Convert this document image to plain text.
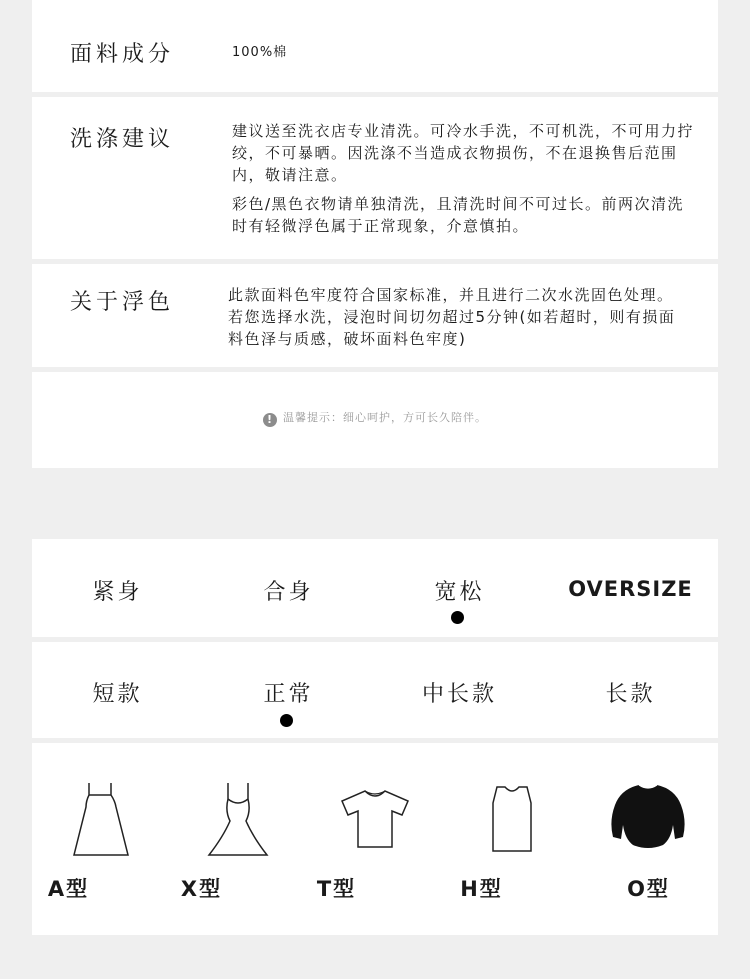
面料成分	100%棉
洗涤建议	建议送至洗衣店专业清洗。可冷水手洗，不可机洗，不可用力拧绞，不可暴晒。因洗涤不当造成衣物损伤，不在退换售后范围内，敬请注意。

彩色/黑色衣物请单独清洗，且清洗时间不可过长。前两次清洗时有轻微浮色属于正常现象，介意慎拍。

关于浮色	此款面料色牢度符合国家标准，并且进行二次水洗固色处理。若您选择水洗，浸泡时间切勿超过5分钟(如若超时，则有损面料色泽与质感，破坏面料色牢度)

! 温馨提示：细心呵护，方可长久陪伴。
紧身	合身	宽松	OVERSIZE
短款	正常	中长款	长款
A型	X型	T型	H型	O型
